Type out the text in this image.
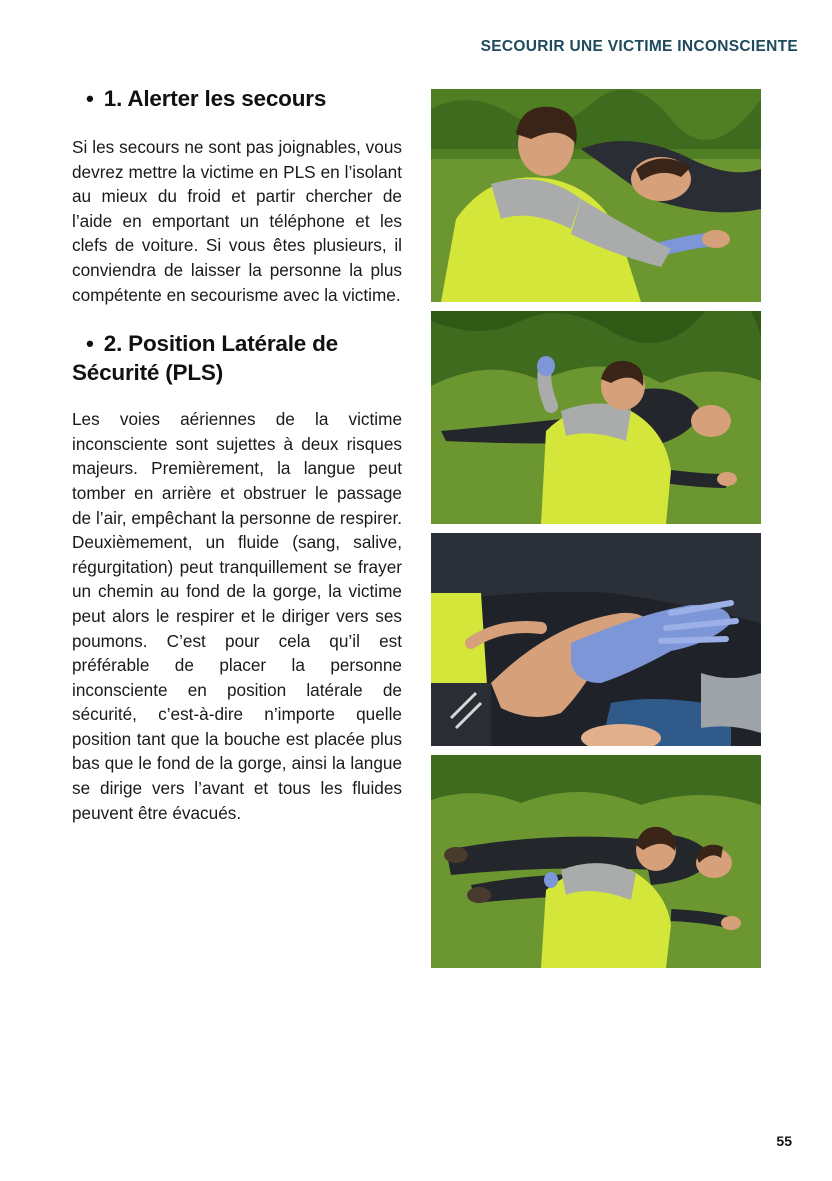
SECOURIR UNE VICTIME INCONSCIENTE
• 1. Alerter les secours

Si les secours ne sont pas joignables, vous devrez mettre la victime en PLS en l’isolant au mieux du froid et partir chercher de l’aide en emportant un téléphone et les clefs de voiture. Si vous êtes plusieurs, il conviendra de laisser la personne la plus compétente en secourisme avec la victime.

• 2. Position Latérale de
Sécurité (PLS)

Les voies aériennes de la victime inconsciente sont sujettes à deux risques majeurs. Premièrement, la langue peut tomber en arrière et obstruer le passage de l’air, empêchant la personne de respirer. Deuxièmement, un fluide (sang, salive, régurgitation) peut tranquillement se frayer un chemin au fond de la gorge, la victime peut alors le respirer et le diriger vers ses poumons. C’est pour cela qu’il est préférable de placer la personne inconsciente en position latérale de sécurité, c’est-à-dire n’importe quelle position tant que la bouche est placée plus bas que le fond de la gorge, ainsi la langue se dirige vers l’avant et tous les fluides peuvent être évacués.

55
